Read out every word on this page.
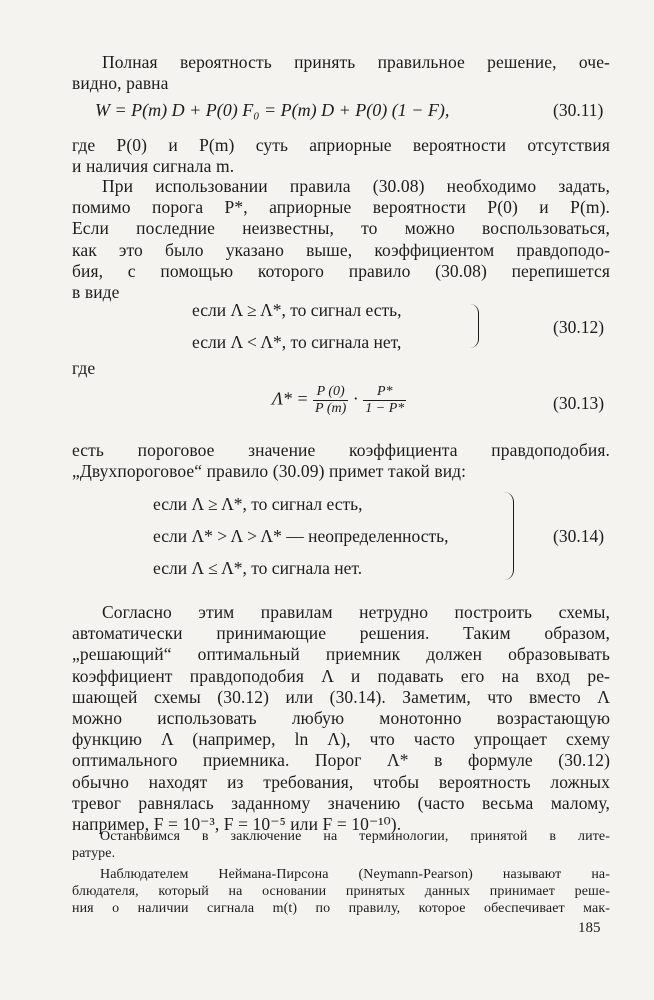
Полная вероятность принять правильное решение, оче-
видно, равна
W = P(m) D + P(0) F₀ = P(m) D + P(0) (1 − F),	(30.11)
где P(0) и P(m) суть априорные вероятности отсутствия
и наличия сигнала m.
При использовании правила (30.08) необходимо задать,
помимо порога P*, априорные вероятности P(0) и P(m).
Если последние неизвестны, то можно воспользоваться,
как это было указано выше, коэффициентом правдоподо-
бия, с помощью которого правило (30.08) перепишется
в виде
если Λ ≥ Λ*, то сигнал есть,
если Λ < Λ*, то сигнала нет,
(30.12)
где
$\Lambda* = \frac{P (0)}{P (m)} \cdot \frac{P*}{1 - P*}$	(30.13)
есть пороговое значение коэффициента правдоподобия.
„Двухпороговое“ правило (30.09) примет такой вид:
если Λ ≥ Λ*, то сигнал есть,
если Λ* > Λ > Λ* — неопределенность,
если Λ ≤ Λ*, то сигнала нет.
(30.14)
Согласно этим правилам нетрудно построить схемы,
автоматически принимающие решения. Таким образом,
„решающий“ оптимальный приемник должен образовывать
коэффициент правдоподобия Λ и подавать его на вход ре-
шающей схемы (30.12) или (30.14). Заметим, что вместо Λ
можно использовать любую монотонно возрастающую
функцию Λ (например, ln Λ), что часто упрощает схему
оптимального приемника. Порог Λ* в формуле (30.12)
обычно находят из требования, чтобы вероятность ложных
тревог равнялась заданному значению (часто весьма малому,
например, F = 10⁻³, F = 10⁻⁵ или F = 10⁻¹⁰).
Остановимся в заключение на терминологии, принятой в лите-
ратуре.
Наблюдателем Неймана-Пирсона (Neymann-Pearson) называют на-
блюдателя, который на основании принятых данных принимает реше-
ния о наличии сигнала m(t) по правилу, которое обеспечивает мак-
185
